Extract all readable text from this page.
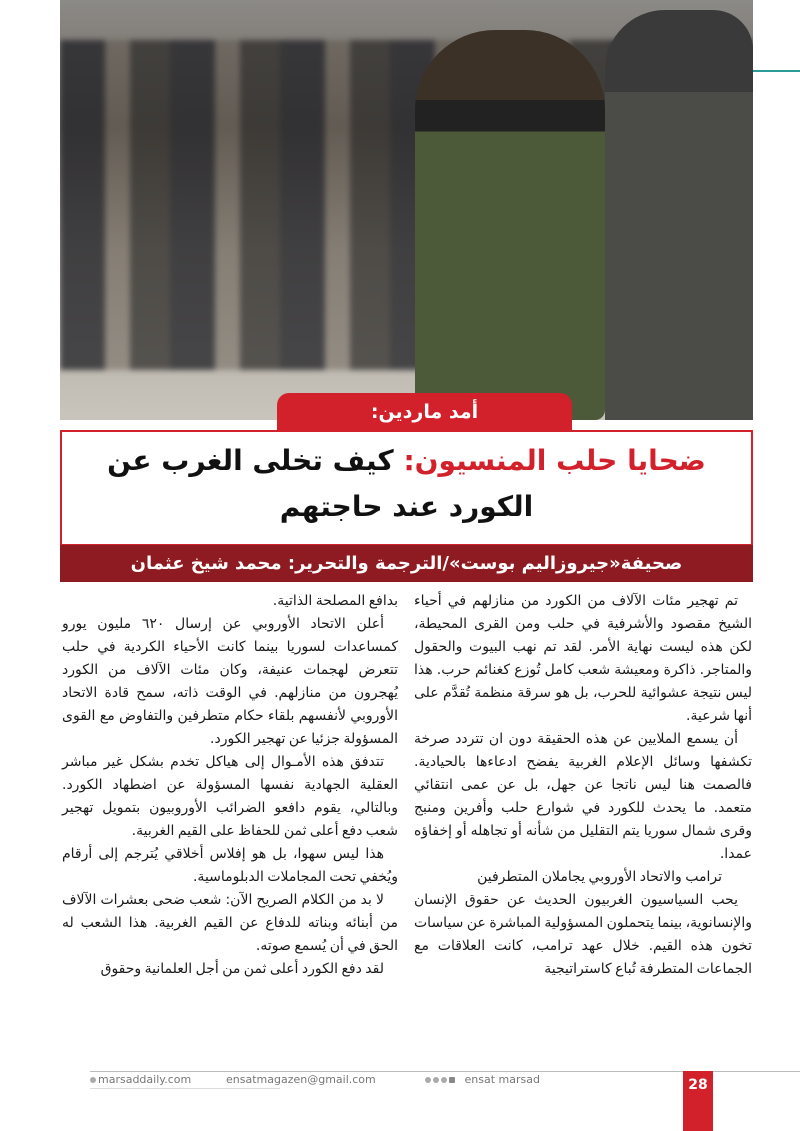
أمد ماردين:
ضحايا حلب المنسيون: كيف تخلى الغرب عن الكورد عند حاجتهم
صحيفة«جيروزاليم بوست»/الترجمة والتحرير: محمد شيخ عثمان

تم تهجير مئات الآلاف من الكورد من منازلهم في أحياء الشيخ مقصود والأشرفية في حلب ومن القرى المحيطة، لكن هذه ليست نهاية الأمر. لقد تم نهب البيوت والحقول والمتاجر. ذاكرة ومعيشة شعب كامل تُوزع كغنائم حرب. هذا ليس نتيجة عشوائية للحرب، بل هو سرقة منظمة تُقدَّم على أنها شرعية.

أن يسمع الملايين عن هذه الحقيقة دون ان تتردد صرخة تكشفها وسائل الإعلام الغربية يفضح ادعاءها بالحيادية. فالصمت هنا ليس ناتجا عن جهل، بل عن عمى انتقائي متعمد. ما يحدث للكورد في شوارع حلب وأفرين ومنبج وقرى شمال سوريا يتم التقليل من شأنه أو تجاهله أو إخفاؤه عمدا.

ترامب والاتحاد الأوروبي يجاملان المتطرفين

يحب السياسيون الغربيون الحديث عن حقوق الإنسان والإنسانوية، بينما يتحملون المسؤولية المباشرة عن سياسات تخون هذه القيم. خلال عهد ترامب، كانت العلاقات مع الجماعات المتطرفة تُباع كاستراتيجية

بدافع المصلحة الذاتية.

أعلن الاتحاد الأوروبي عن إرسال ٦٢٠ مليون يورو كمساعدات لسوريا بينما كانت الأحياء الكردية في حلب تتعرض لهجمات عنيفة، وكان مئات الآلاف من الكورد يُهجرون من منازلهم. في الوقت ذاته، سمح قادة الاتحاد الأوروبي لأنفسهم بلقاء حكام متطرفين والتفاوض مع القوى المسؤولة جزئيا عن تهجير الكورد.

تتدفق هذه الأمـوال إلى هياكل تخدم بشكل غير مباشر العقلية الجهادية نفسها المسؤولة عن اضطهاد الكورد. وبالتالي، يقوم دافعو الضرائب الأوروبيون بتمويل تهجير شعب دفع أعلى ثمن للحفاظ على القيم الغربية.

هذا ليس سهوا، بل هو إفلاس أخلاقي يُترجم إلى أرقام ويُخفي تحت المجاملات الدبلوماسية.

لا بد من الكلام الصريح الآن: شعب ضحى بعشرات الآلاف من أبنائه وبناته للدفاع عن القيم الغربية. هذا الشعب له الحق في أن يُسمع صوته.

لقد دفع الكورد أعلى ثمن من أجل العلمانية وحقوق

marsaddaily.com	ensatmagazen@gmail.com	ensat marsad	28
